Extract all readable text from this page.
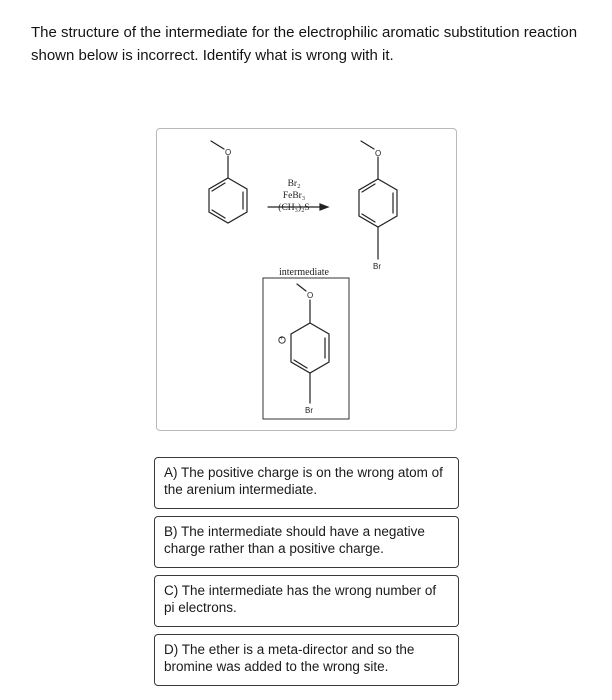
The structure of the intermediate for the electrophilic aromatic substitution reaction shown below is incorrect. Identify what is wrong with it.
Br₂
FeBr₃
(CH₃)₂S
O	O
Br
intermediate
O
Br
+
A) The positive charge is on the wrong atom of the arenium intermediate.
B) The intermediate should have a negative charge rather than a positive charge.
C) The intermediate has the wrong number of pi electrons.
D) The ether is a meta-director and so the bromine was added to the wrong site.
